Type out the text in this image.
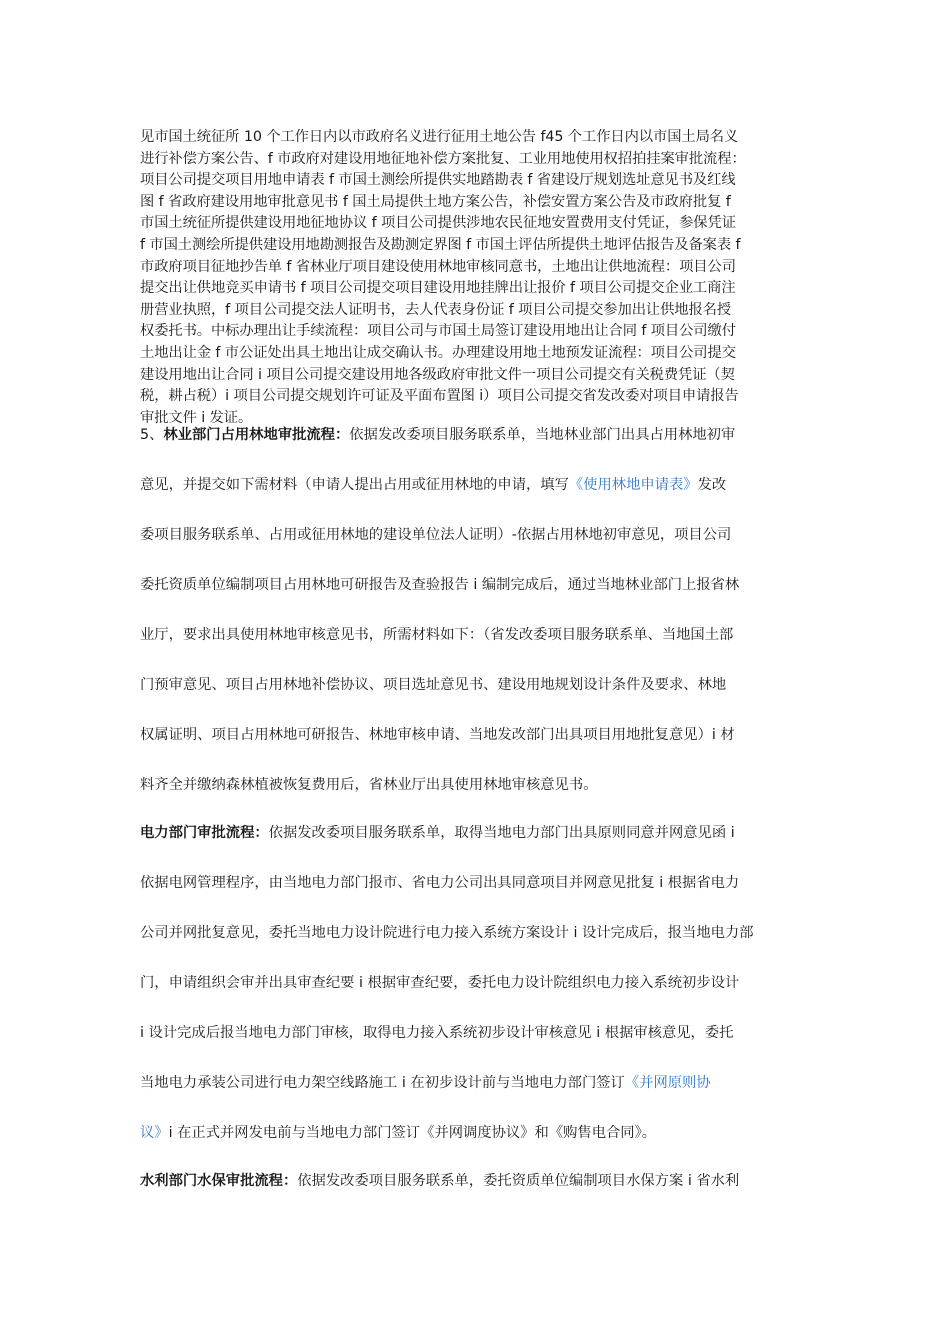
见市国土统征所 10 个工作日内以市政府名义进行征用土地公告 f45 个工作日内以市国土局名义
进行补偿方案公告、f 市政府对建设用地征地补偿方案批复、工业用地使用权招拍挂案审批流程：
项目公司提交项目用地申请表 f 市国土测绘所提供实地踏勘表 f 省建设厅规划选址意见书及红线
图 f 省政府建设用地审批意见书 f 国土局提供土地方案公告，补偿安置方案公告及市政府批复 f
市国土统征所提供建设用地征地协议 f 项目公司提供涉地农民征地安置费用支付凭证，参保凭证
f 市国土测绘所提供建设用地勘测报告及勘测定界图 f 市国土评估所提供土地评估报告及备案表 f
市政府项目征地抄告单 f 省林业厅项目建设使用林地审核同意书，土地出让供地流程：项目公司
提交出让供地竞买申请书 f 项目公司提交项目建设用地挂牌出让报价 f 项目公司提交企业工商注
册营业执照，f 项目公司提交法人证明书，去人代表身份证 f 项目公司提交参加出让供地报名授
权委托书。中标办理出让手续流程：项目公司与市国土局签订建设用地出让合同 f 项目公司缴付
土地出让金 f 市公证处出具土地出让成交确认书。办理建设用地土地预发证流程：项目公司提交
建设用地出让合同 i 项目公司提交建设用地各级政府审批文件一项目公司提交有关税费凭证（契
税，耕占税）i 项目公司提交规划许可证及平面布置图 i）项目公司提交省发改委对项目申请报告
审批文件 i 发证。
5、林业部门占用林地审批流程：依据发改委项目服务联系单，当地林业部门出具占用林地初审
意见，并提交如下需材料（申请人提出占用或征用林地的申请，填写《使用林地申请表》发改
委项目服务联系单、占用或征用林地的建设单位法人证明）-依据占用林地初审意见，项目公司
委托资质单位编制项目占用林地可研报告及查验报告 i 编制完成后，通过当地林业部门上报省林
业厅，要求出具使用林地审核意见书，所需材料如下：（省发改委项目服务联系单、当地国土部
门预审意见、项目占用林地补偿协议、项目选址意见书、建设用地规划设计条件及要求、林地
权属证明、项目占用林地可研报告、林地审核申请、当地发改部门出具项目用地批复意见）i 材
料齐全并缴纳森林植被恢复费用后，省林业厅出具使用林地审核意见书。
电力部门审批流程：依据发改委项目服务联系单，取得当地电力部门出具原则同意并网意见函 i
依据电网管理程序，由当地电力部门报市、省电力公司出具同意项目并网意见批复 i 根据省电力
公司并网批复意见，委托当地电力设计院进行电力接入系统方案设计 i 设计完成后，报当地电力部
门，申请组织会审并出具审查纪要 i 根据审查纪要，委托电力设计院组织电力接入系统初步设计
i 设计完成后报当地电力部门审核，取得电力接入系统初步设计审核意见 i 根据审核意见，委托
当地电力承装公司进行电力架空线路施工 i 在初步设计前与当地电力部门签订《并网原则协
议》i 在正式并网发电前与当地电力部门签订《并网调度协议》和《购售电合同》。
水利部门水保审批流程：依据发改委项目服务联系单，委托资质单位编制项目水保方案 i 省水利
